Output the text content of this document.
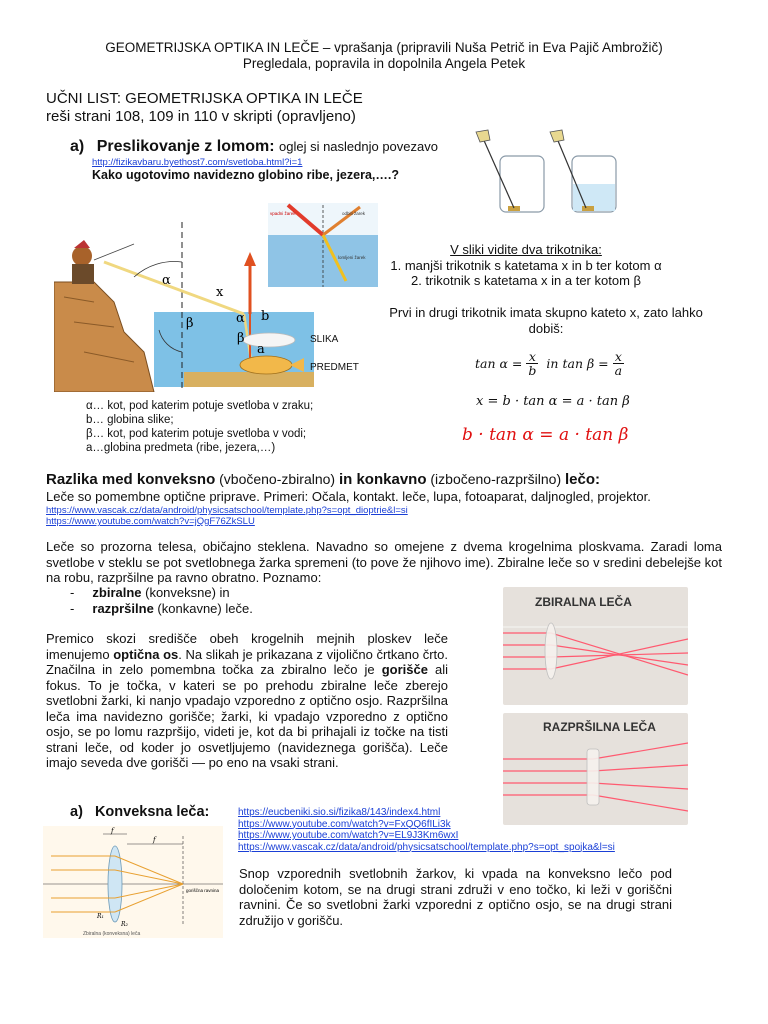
GEOMETRIJSKA OPTIKA IN LEČE – vprašanja (pripravili Nuša Petrič in Eva Pajič Ambrožič)
Pregledala, popravila in dopolnila Angela Petek
UČNI LIST: GEOMETRIJSKA OPTIKA IN LEČE
reši strani 108, 109 in 110 v skripti (opravljeno)
a) Preslikovanje z lomom: oglej si naslednjo povezavo
http://fizikavbaru.byethost7.com/svetloba.html?i=1
Kako ugotovimo navidezno globino ribe, jezera,….?
vpadni žarek	odbiti žarek
lomljeni žarek
α
x
β	α b
β
a
SLIKA
PREDMET
V sliki vidite dva trikotnika:
1. manjši trikotnik s katetama x in b ter kotom α
2. trikotnik s katetama x in a ter kotom β
Prvi in drugi trikotnik imata skupno kateto x, zato lahko dobiš:
$\tan \alpha = \frac{x}{b}$ in $\tan \beta = \frac{x}{a}$
x = b · tan α = a · tan β
b · tan α = a · tan β
α… kot, pod katerim potuje svetloba v zraku;
b… globina slike;
β… kot, pod katerim potuje svetloba v vodi;
a…globina predmeta (ribe, jezera,…)
Razlika med konveksno (vbočeno-zbiralno) in konkavno (izbočeno-razpršilno) lečo:
Leče so pomembne optične priprave. Primeri: Očala, kontakt. leče, lupa, fotoaparat, daljnogled, projektor.
https://www.vascak.cz/data/android/physicsatschool/template.php?s=opt_dioptrie&l=si
https://www.youtube.com/watch?v=jQgF76ZkSLU
Leče so prozorna telesa, običajno steklena. Navadno so omejene z dvema krogelnima ploskvama. Zaradi loma svetlobe v steklu se pot svetlobnega žarka spremeni (to pove že njihovo ime). Zbiralne leče so v sredini debelejše kot na robu, razpršilne pa ravno obratno. Poznamo:
-     zbiralne (konveksne) in
-     razpršilne (konkavne) leče.
Premico skozi središče obeh krogelnih mejnih ploskev leče imenujemo optična os. Na slikah je prikazana z vijolično črtkano črto. Značilna in zelo pomembna točka za zbiralno lečo je gorišče ali fokus. To je točka, v kateri se po prehodu zbiralne leče zberejo svetlobni žarki, ki nanjo vpadajo vzporedno z optično osjo. Razpršilna leča ima navidezno gorišče; žarki, ki vpadajo vzporedno z optično osjo, se po lomu razpršijo, videti je, kot da bi prihajali iz točke na tisti strani leče, od koder jo osvetljujemo (navideznega gorišča). Leče imajo seveda dve gorišči — po eno na vsaki strani.
ZBIRALNA LEČA
RAZPRŠILNA LEČA
a) Konveksna leča:	https://eucbeniki.sio.si/fizika8/143/index4.html
https://www.youtube.com/watch?v=FxQQ6fILi3k
https://www.youtube.com/watch?v=EL9J3Km6wxI
https://www.vascak.cz/data/android/physicsatschool/template.php?s=opt_spojka&l=si
f
f
R₁
R₂
goriščna ravnina
Zbiralna (konveksna) leča
Snop vzporednih svetlobnih žarkov, ki vpada na konveksno lečo pod določenim kotom, se na drugi strani združi v eno točko, ki leži v goriščni ravnini. Če so svetlobni žarki vzporedni z optično osjo, se na drugi strani združijo v gorišču.
